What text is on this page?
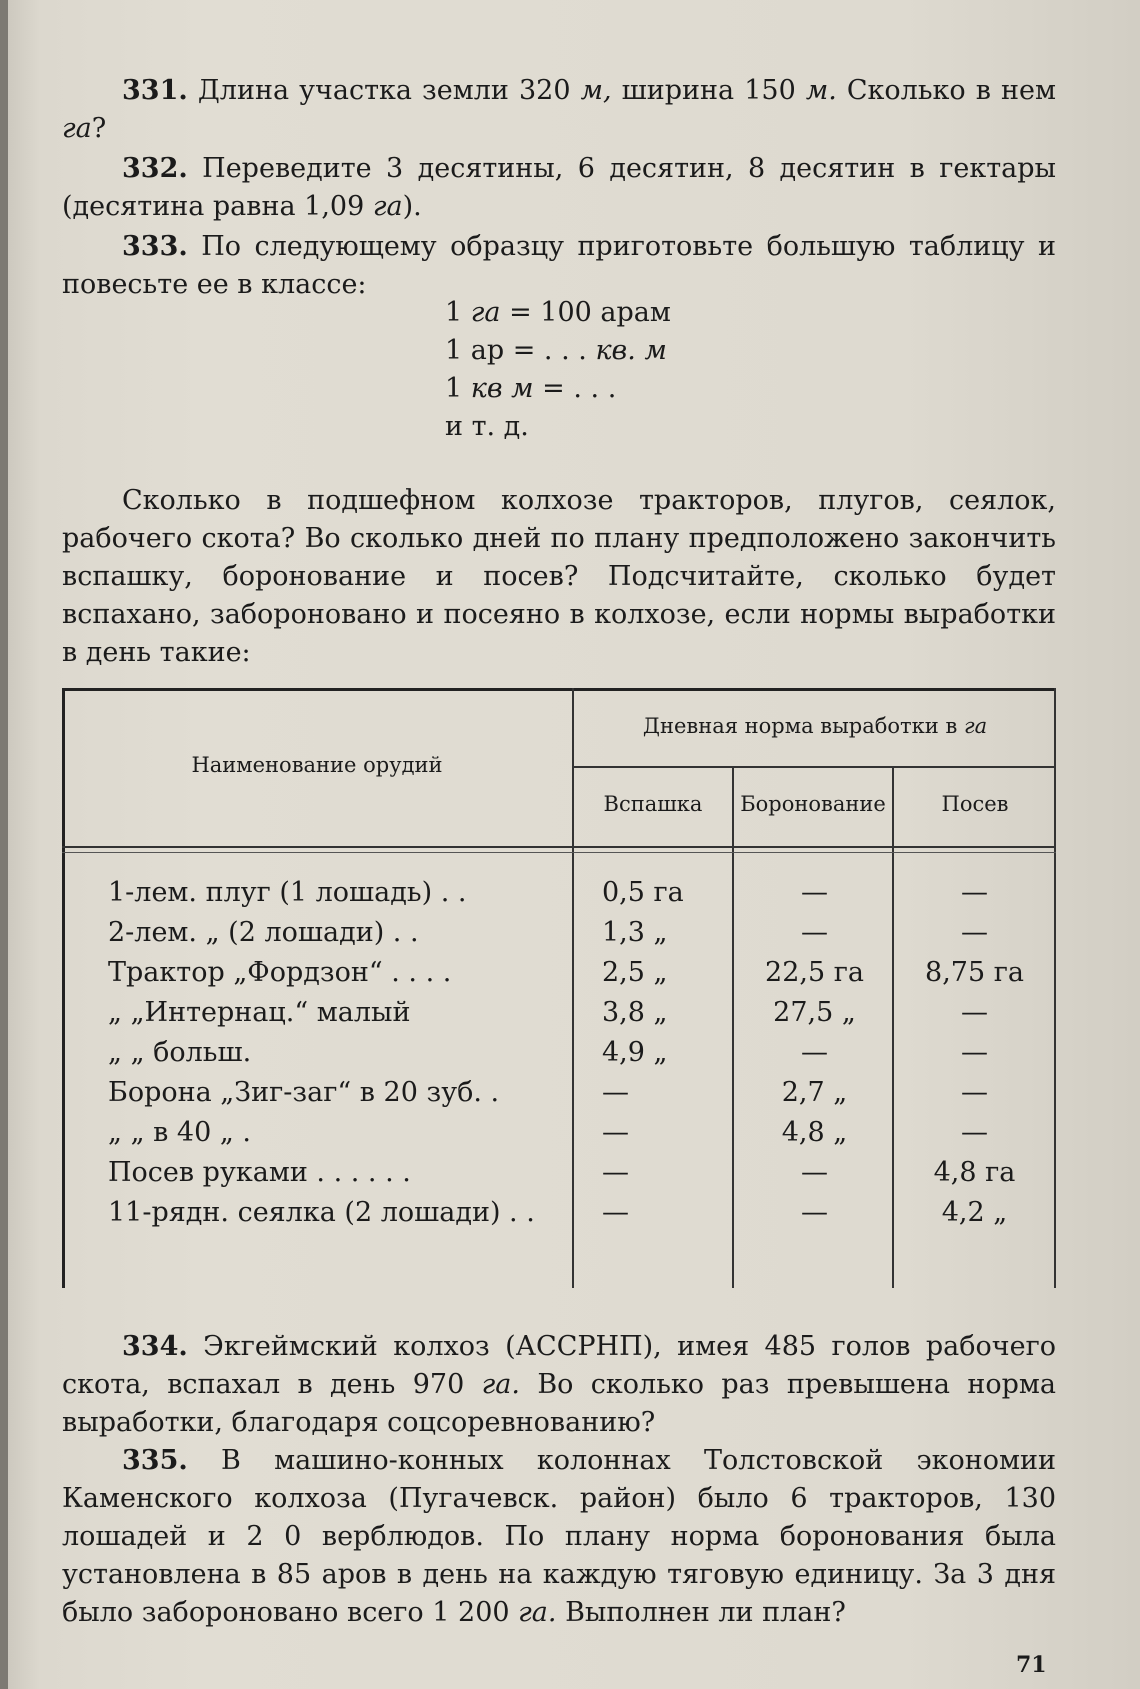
331. Длина участка земли 320 м, ширина 150 м. Сколько в нем га?

332. Переведите 3 десятины, 6 десятин, 8 десятин в гектары (десятина равна 1,09 га).

333. По следующему образцу приготовьте большую таблицу и повесьте ее в классе:

1 га = 100 арам
1 ар = . . . кв. м
1 кв м = . . .
и т. д.

Сколько в подшефном колхозе тракторов, плугов, сеялок, рабочего скота? Во сколько дней по плану предположено закончить вспашку, боронование и посев? Подсчитайте, сколько будет вспахано, забороновано и посеяно в колхозе, если нормы выработки в день такие:

Наименование орудий
Дневная норма выработки в га
Вспашка	Боронование	Посев
1-лем. плуг (1 лошадь) . .	0,5 га	—	—
2-лем. „ (2 лошади) . .	1,3 „	—	—
Трактор „Фордзон“ . . . .	2,5 „	22,5 га	8,75 га
„ „Интернац.“ малый	3,8 „	27,5 „	—
„ „ больш.	4,9 „	—	—
Борона „Зиг-заг“ в 20 зуб. .	—	2,7 „	—
„ „ в 40 „ .	—	4,8 „	—
Посев руками . . . . . .	—	—	4,8 га
11-рядн. сеялка (2 лошади) . .	—	—	4,2 „

334. Экгеймский колхоз (АССРНП), имея 485 голов рабочего скота, вспахал в день 970 га. Во сколько раз превышена норма выработки, благодаря соцсоревнованию?

335. В машино-конных колоннах Толстовской экономии Каменского колхоза (Пугачевск. район) было 6 тракторов, 130 лошадей и 2 0 верблюдов. По плану норма боронования была установлена в 85 аров в день на каждую тяговую единицу. За 3 дня было забороновано всего 1 200 га. Выполнен ли план?

71
